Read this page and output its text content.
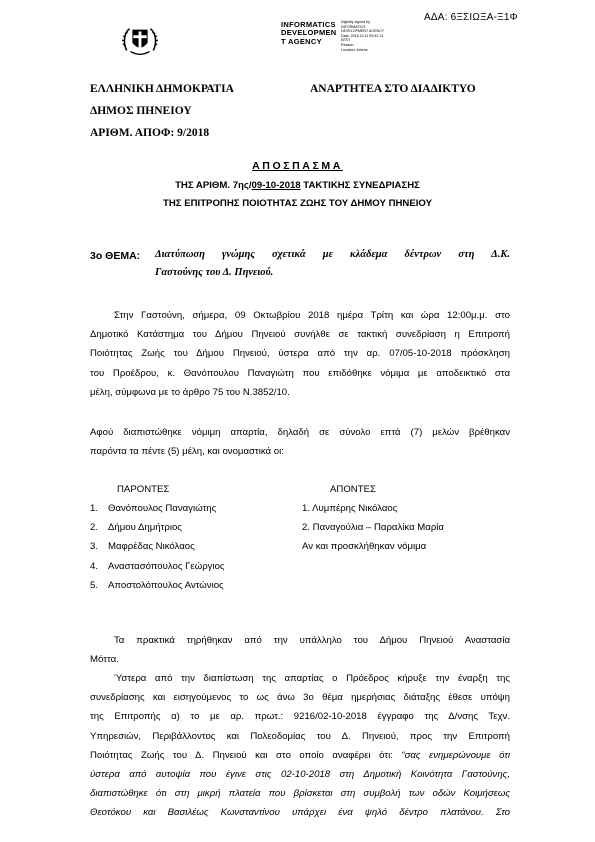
ΑΔΑ: 6ΞΣΙΩΞΑ-Ξ1Φ
INFORMATICS
DEVELOPMEN
T AGENCY
Digitally signed by
INFORMATICS
DEVELOPMENT AGENCY
Date: 2018.10.11 09:52:13
EEST
Reason:
Location: Athens
ΕΛΛΗΝΙΚΗ ΔΗΜΟΚΡΑΤΙΑ
ΔΗΜΟΣ ΠΗΝΕΙΟΥ
ΑΡΙΘΜ. ΑΠΟΦ: 9/2018
ΑΝΑΡΤΗΤΕΑ ΣΤΟ ΔΙΑΔΙΚΤΥΟ
ΑΠΟΣΠΑΣΜΑ
ΤΗΣ ΑΡΙΘΜ. 7ης/09-10-2018 ΤΑΚΤΙΚΗΣ ΣΥΝΕΔΡΙΑΣΗΣ
ΤΗΣ ΕΠΙΤΡΟΠΗΣ ΠΟΙΟΤΗΤΑΣ ΖΩΗΣ ΤΟΥ ΔΗΜΟΥ ΠΗΝΕΙΟΥ
3ο ΘΕΜΑ: Διατύπωση γνώμης σχετικά με κλάδεμα δέντρων στη Δ.Κ.
Γαστούνης του Δ. Πηνειού.
Στην Γαστούνη, σήμερα, 09 Οκτωβρίου 2018 ημέρα Τρίτη και ώρα 12:00μ.μ. στο
Δημοτικό Κατάστημα του Δήμου Πηνειού συνήλθε σε τακτική συνεδρίαση η Επιτροπή
Ποιότητας Ζωής του Δήμου Πηνειού, ύστερα από την αρ. 07/05-10-2018 πρόσκληση
του Προέδρου, κ. Θανόπουλου Παναγιώτη που επιδόθηκε νόμιμα με αποδεικτικό στα
μέλη, σύμφωνα με το άρθρο 75 του Ν.3852/10.
Αφού διαπιστώθηκε νόμιμη απαρτία, δηλαδή σε σύνολο επτά (7) μελών βρέθηκαν
παρόντα τα πέντε (5) μέλη, και ονομαστικά οι:
ΠΑΡΟΝΤΕΣ
1. Θανόπουλος Παναγιώτης
2. Δήμου Δημήτριος
3. Μαφρέδας Νικόλαος
4. Αναστασόπουλος Γεώργιος
5. Αποστολόπουλος Αντώνιος
ΑΠΟΝΤΕΣ
1. Λυμπέρης Νικόλαος
2. Παναγούλια – Παραλίκα Μαρία
Αν και προσκλήθηκαν νόμιμα
Τα πρακτικά τηρήθηκαν από την υπάλληλο του Δήμου Πηνειού Αναστασία
Μόττα.
Ύστερα από την διαπίστωση της απαρτίας ο Πρόεδρος κήρυξε την έναρξη της
συνεδρίασης και εισηγούμενος το ως άνω 3ο θέμα ημερήσιας διάταξης έθεσε υπόψη
της Επιτροπής α) το με αρ. πρωτ.: 9216/02-10-2018 έγγραφο της Δ/νσης Τεχν.
Υπηρεσιών, Περιβάλλοντος και Πολεοδομίας του Δ. Πηνειού, προς την Επιτροπή
Ποιότητας Ζωής του Δ. Πηνειού και στο οποίο αναφέρει ότι: “σας ενημερώνουμε ότι
ύστερα από αυτοψία που έγινε στις 02-10-2018 στη Δημοτική Κοινότητα Γαστούνης,
διαπιστώθηκε ότι στη μικρή πλατεία που βρίσκεται στη συμβολή των οδών Κοιμήσεως
Θεοτόκου και Βασιλέως Κωνσταντίνου υπάρχει ένα ψηλό δέντρο πλατάνου. Στο
